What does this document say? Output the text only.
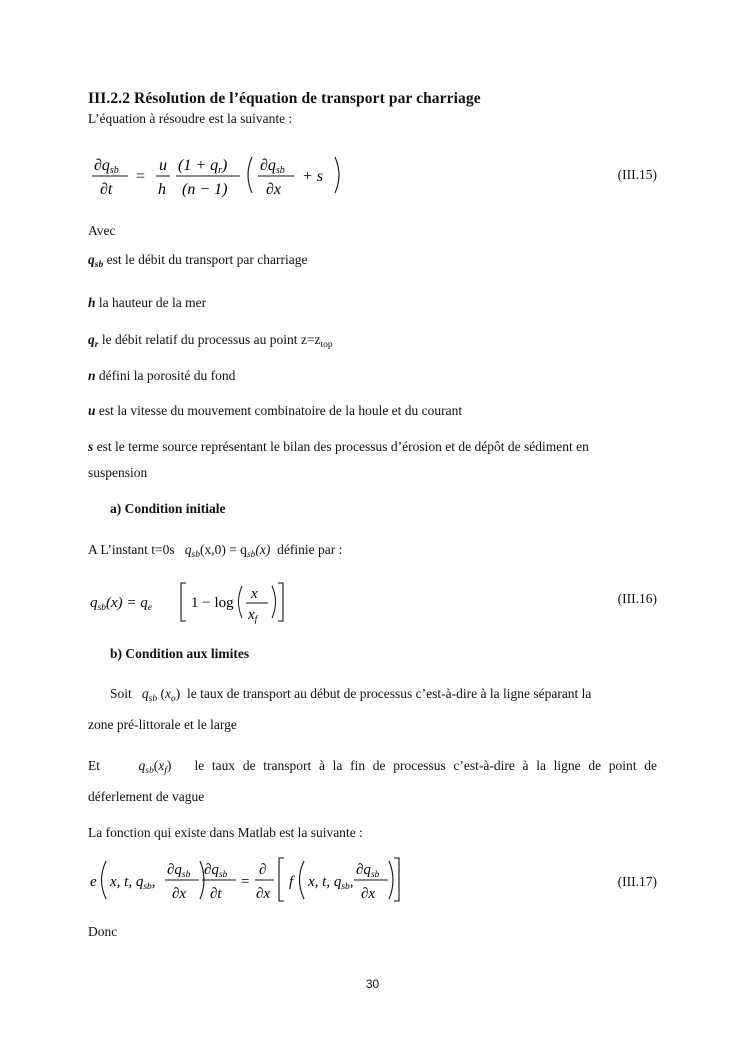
III.2.2 Résolution de l’équation de transport par charriage
L’équation à résoudre est la suivante :
∂qsb
∂t
=
u
h
(1 + qr)
(n − 1)
∂qsb
∂x
+ s	(III.15)
Avec
$q_{sb}$ est le débit du transport par charriage
h la hauteur de la mer
$q_r$ le débit relatif du processus au point $z=z_{top}$
n défini la porosité du fond
u est la vitesse du mouvement combinatoire de la houle et du courant
s est le terme source représentant le bilan des processus d’érosion et de dépôt de sédiment en
suspension
a) Condition initiale
A L’instant t=0s $q_{sb}(x,0) = q_{sb}(x)$ définie par :
$q_{sb}(x) = q_e$	1 − log
x
$x_f$
(III.16)
b) Condition aux limites
Soit $q_{sb}$ $(x_o)$ le taux de transport au début de processus c’est-à-dire à la ligne séparant la
zone pré-littorale et le large
Et	$q_{sb}(x_f)$ le taux de transport à la fin de processus c’est-à-dire à la ligne de point de
déferlement de vague
La fonction qui existe dans Matlab est la suivante :
e x, t, $q_{sb}$,
$\partial q_{sb}$
∂x
$\partial q_{sb}$
∂t
=
∂
∂x
f x, t, $q_{sb}$,
$\partial q_{sb}$
∂x
(III.17)
Donc
30
